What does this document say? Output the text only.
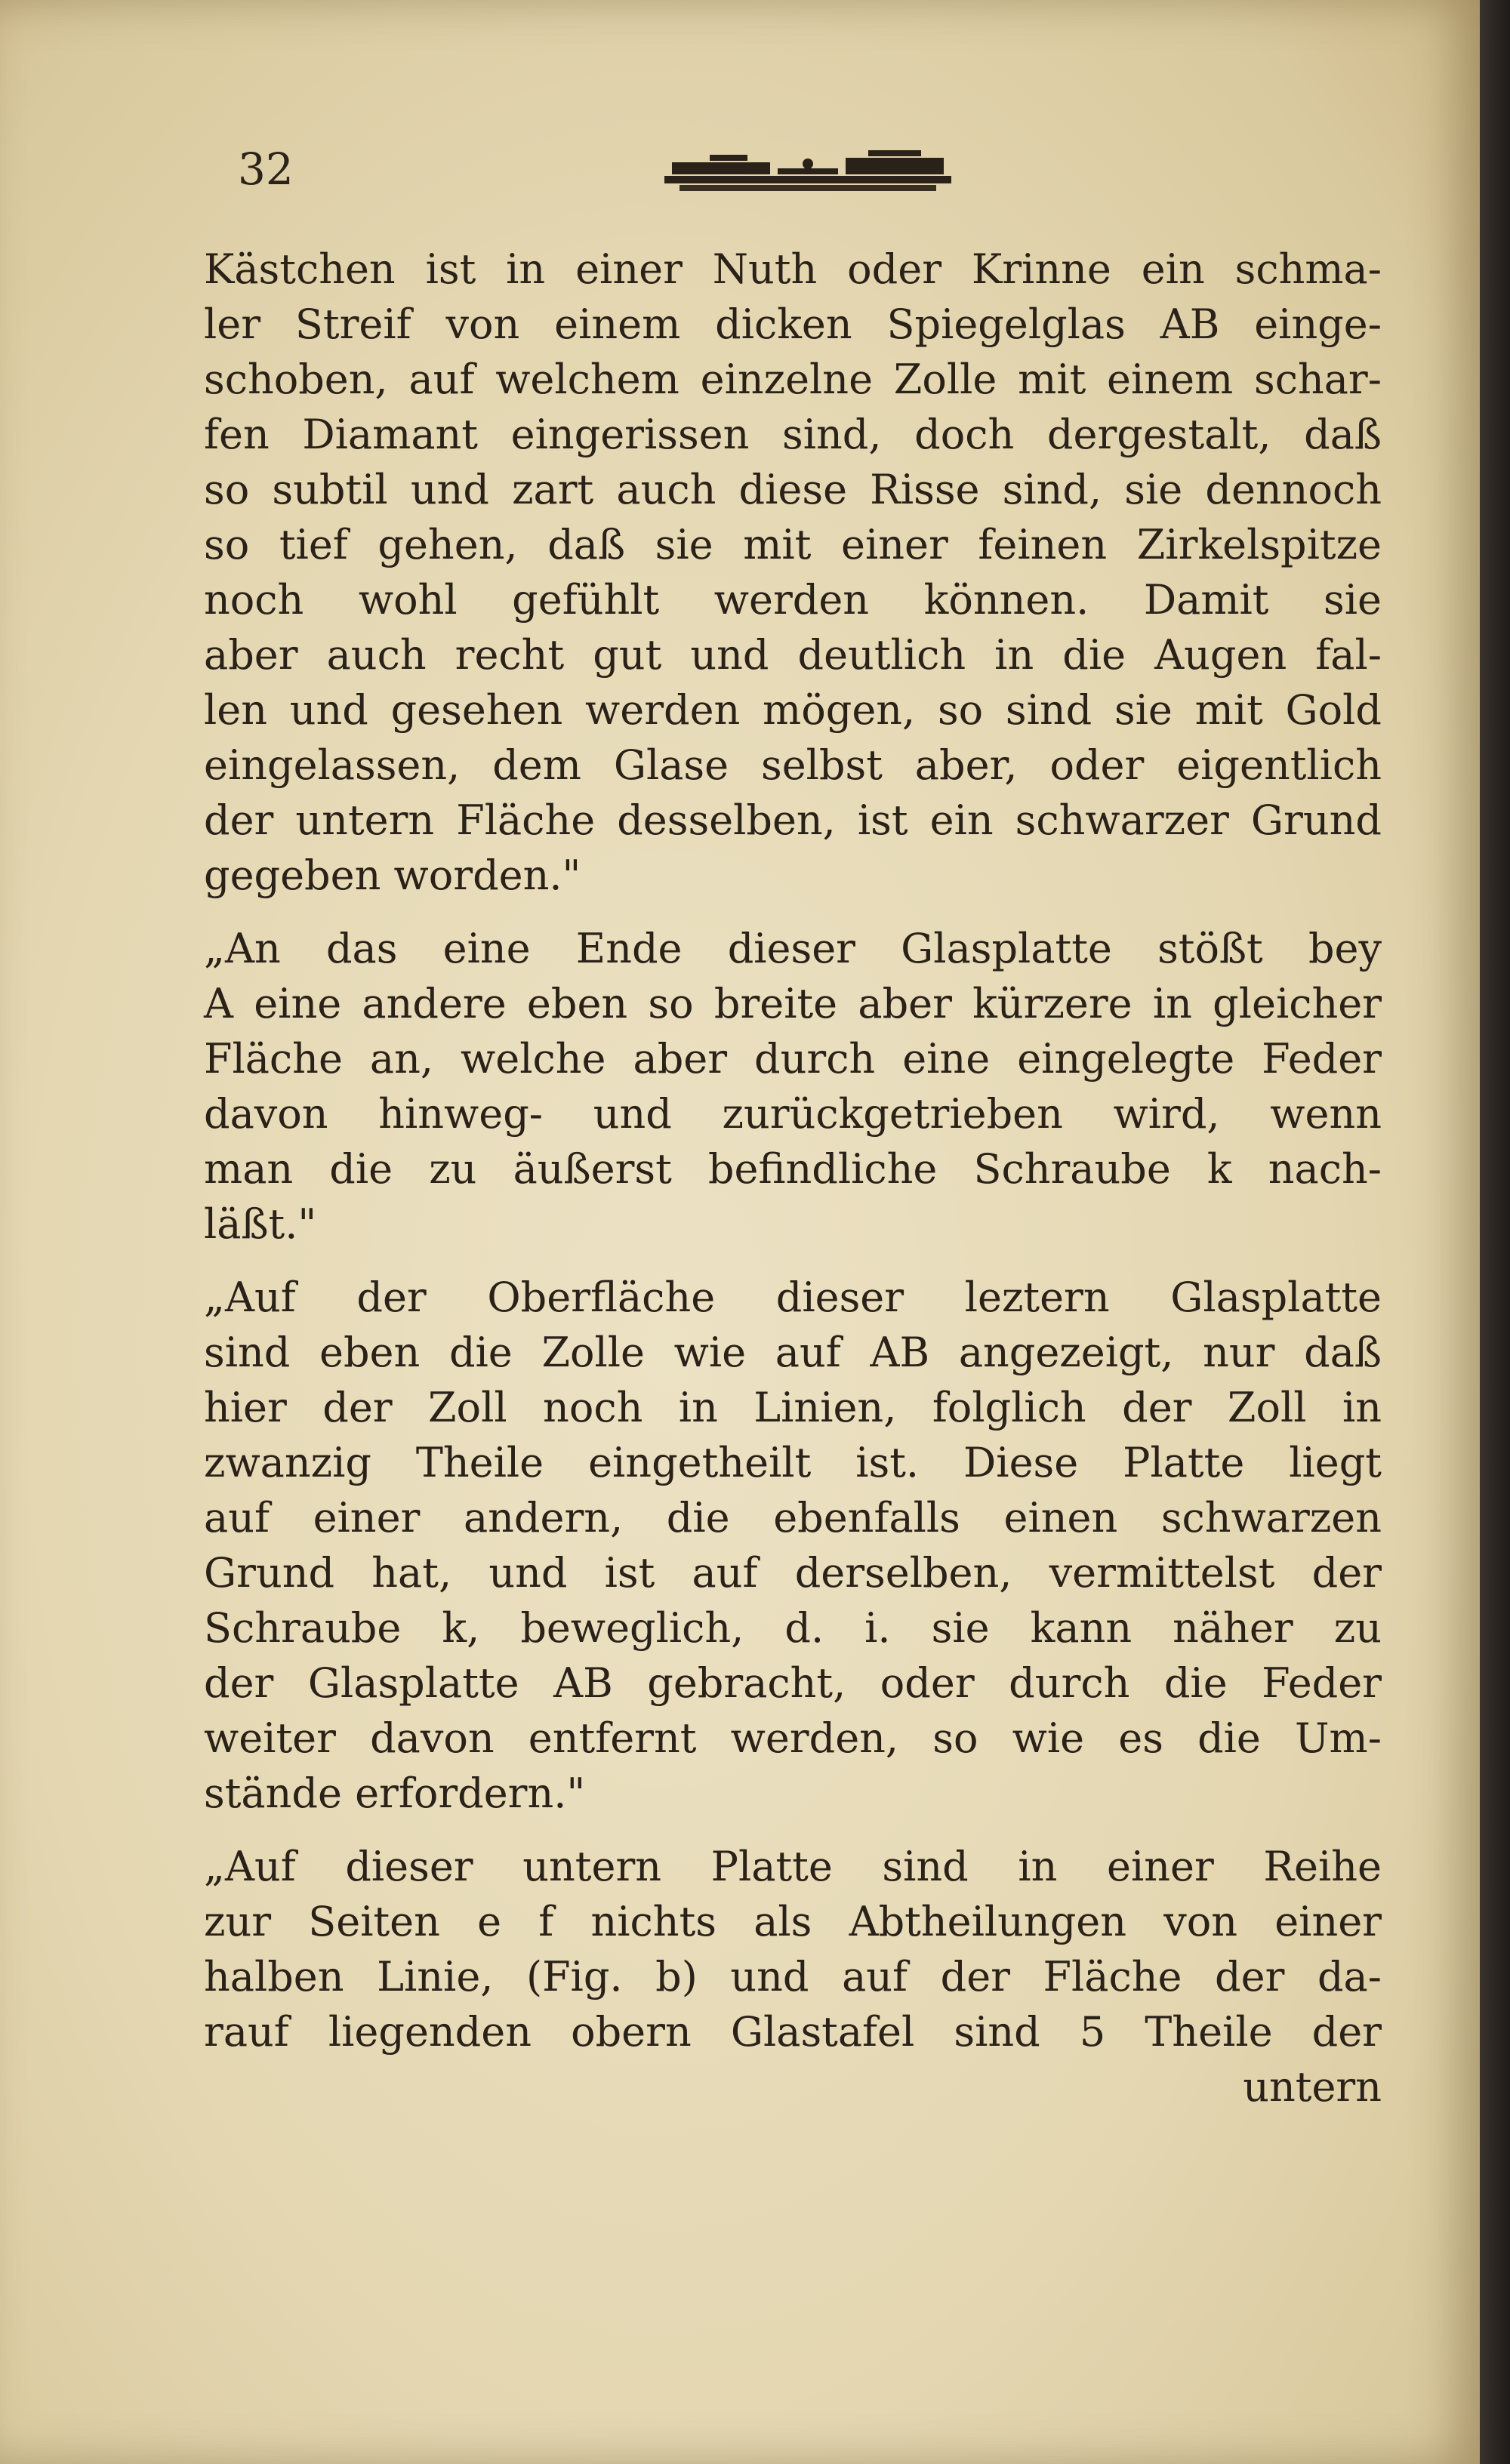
32
Kästchen ist in einer Nuth oder Krinne ein schma-
ler Streif von einem dicken Spiegelglas AB einge-
schoben, auf welchem einzelne Zolle mit einem schar-
fen Diamant eingerissen sind, doch dergestalt, daß
so subtil und zart auch diese Risse sind, sie dennoch
so tief gehen, daß sie mit einer feinen Zirkelspitze
noch wohl gefühlt werden können. Damit sie
aber auch recht gut und deutlich in die Augen fal-
len und gesehen werden mögen, so sind sie mit Gold
eingelassen, dem Glase selbst aber, oder eigentlich
der untern Fläche desselben, ist ein schwarzer Grund
gegeben worden."
„An das eine Ende dieser Glasplatte stößt bey
A eine andere eben so breite aber kürzere in gleicher
Fläche an, welche aber durch eine eingelegte Feder
davon hinweg- und zurückgetrieben wird, wenn
man die zu äußerst befindliche Schraube k nach-
läßt."
„Auf der Oberfläche dieser leztern Glasplatte
sind eben die Zolle wie auf AB angezeigt, nur daß
hier der Zoll noch in Linien, folglich der Zoll in
zwanzig Theile eingetheilt ist. Diese Platte liegt
auf einer andern, die ebenfalls einen schwarzen
Grund hat, und ist auf derselben, vermittelst der
Schraube k, beweglich, d. i. sie kann näher zu
der Glasplatte AB gebracht, oder durch die Feder
weiter davon entfernt werden, so wie es die Um-
stände erfordern."
„Auf dieser untern Platte sind in einer Reihe
zur Seiten e f nichts als Abtheilungen von einer
halben Linie, (Fig. b) und auf der Fläche der da-
rauf liegenden obern Glastafel sind 5 Theile der
untern
